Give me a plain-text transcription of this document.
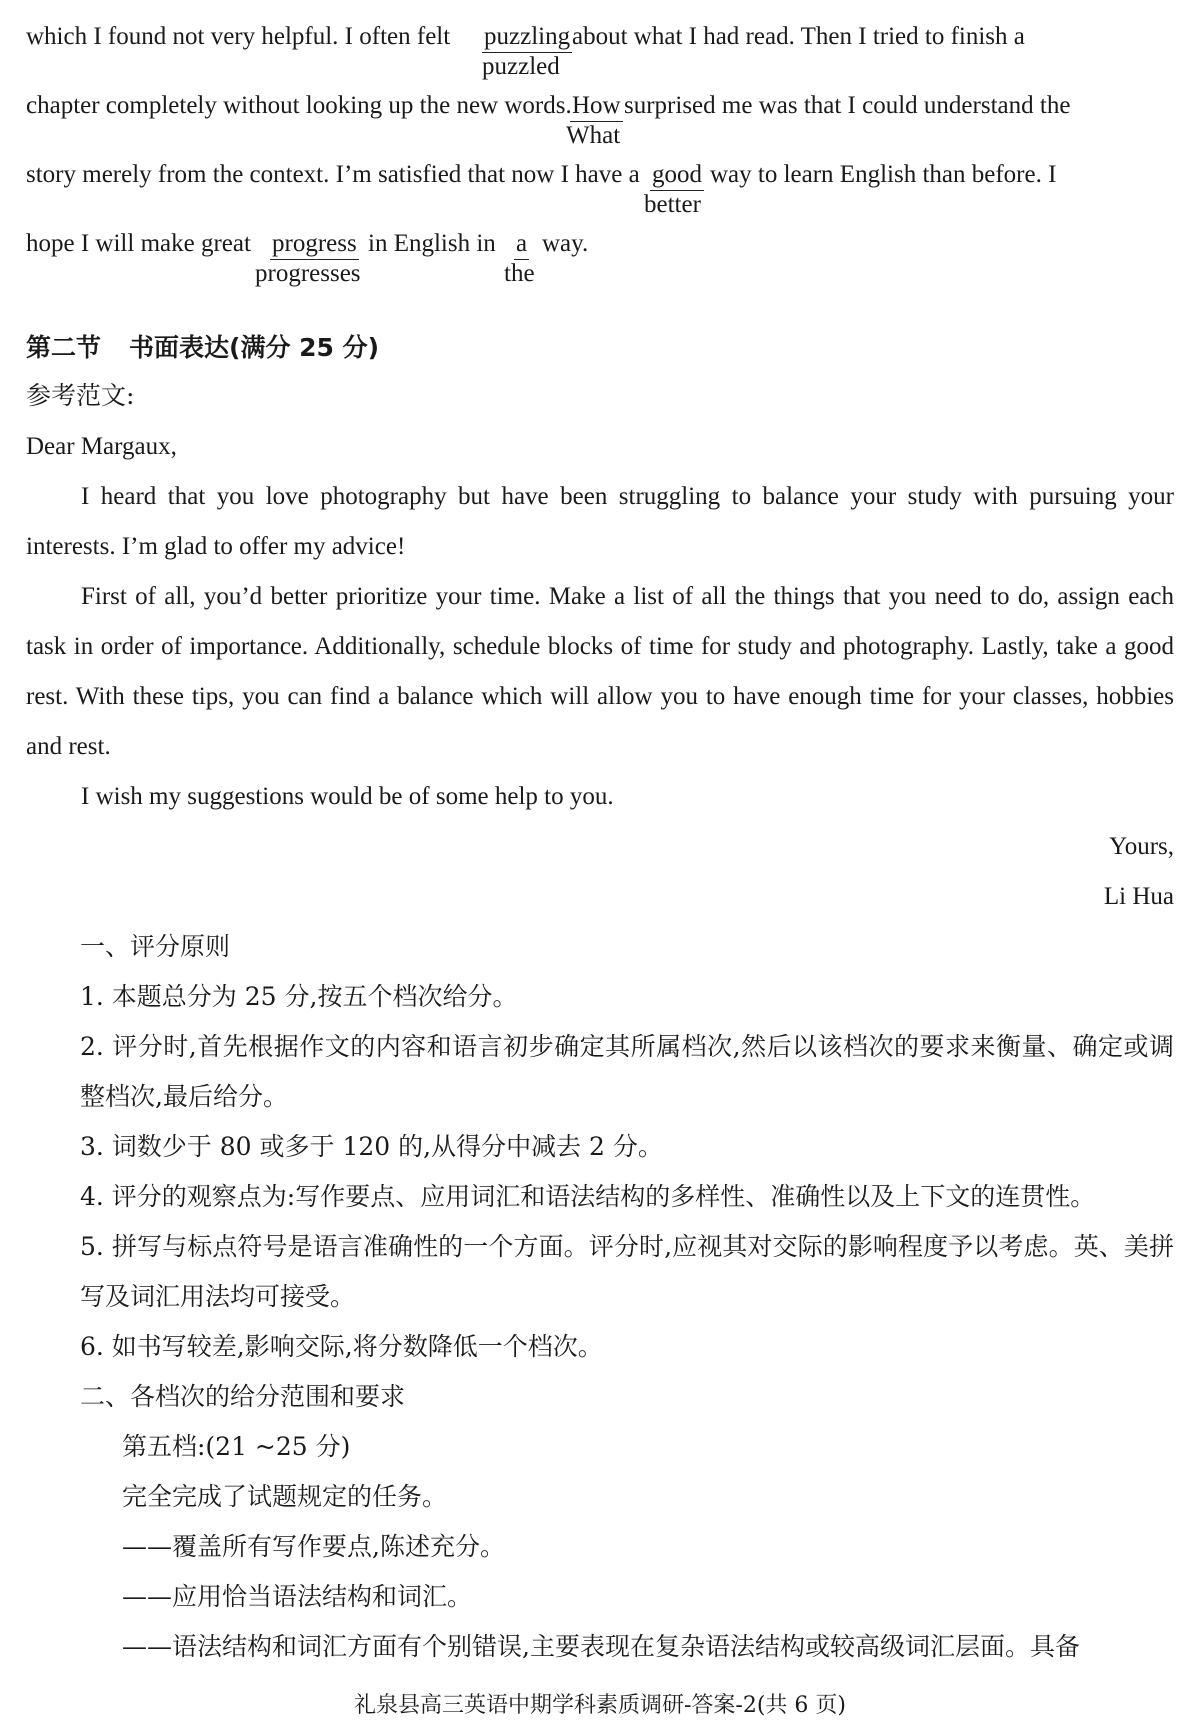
which I found not very helpful. I often felt puzzling about what I had read. Then I tried to finish a
puzzled
chapter completely without looking up the new words. How surprised me was that I could understand the
What
story merely from the context. I’m satisfied that now I have a good way to learn English than before. I
better
hope I will make great progress in English in a way.
progresses	the
第二节 书面表达(满分 25 分)
参考范文:
Dear Margaux,
I heard that you love photography but have been struggling to balance your study with pursuing your interests. I’m glad to offer my advice!
First of all, you’d better prioritize your time. Make a list of all the things that you need to do, assign each task in order of importance. Additionally, schedule blocks of time for study and photography. Lastly, take a good rest. With these tips, you can find a balance which will allow you to have enough time for your classes, hobbies and rest.
I wish my suggestions would be of some help to you.
Yours,
Li Hua
一、评分原则
1. 本题总分为 25 分,按五个档次给分。
2. 评分时,首先根据作文的内容和语言初步确定其所属档次,然后以该档次的要求来衡量、确定或调整档次,最后给分。
3. 词数少于 80 或多于 120 的,从得分中减去 2 分。
4. 评分的观察点为:写作要点、应用词汇和语法结构的多样性、准确性以及上下文的连贯性。
5. 拼写与标点符号是语言准确性的一个方面。评分时,应视其对交际的影响程度予以考虑。英、美拼写及词汇用法均可接受。
6. 如书写较差,影响交际,将分数降低一个档次。
二、各档次的给分范围和要求
第五档:(21 ~25 分)
完全完成了试题规定的任务。
——覆盖所有写作要点,陈述充分。
——应用恰当语法结构和词汇。
——语法结构和词汇方面有个别错误,主要表现在复杂语法结构或较高级词汇层面。具备
礼泉县高三英语中期学科素质调研-答案-2(共 6 页)
